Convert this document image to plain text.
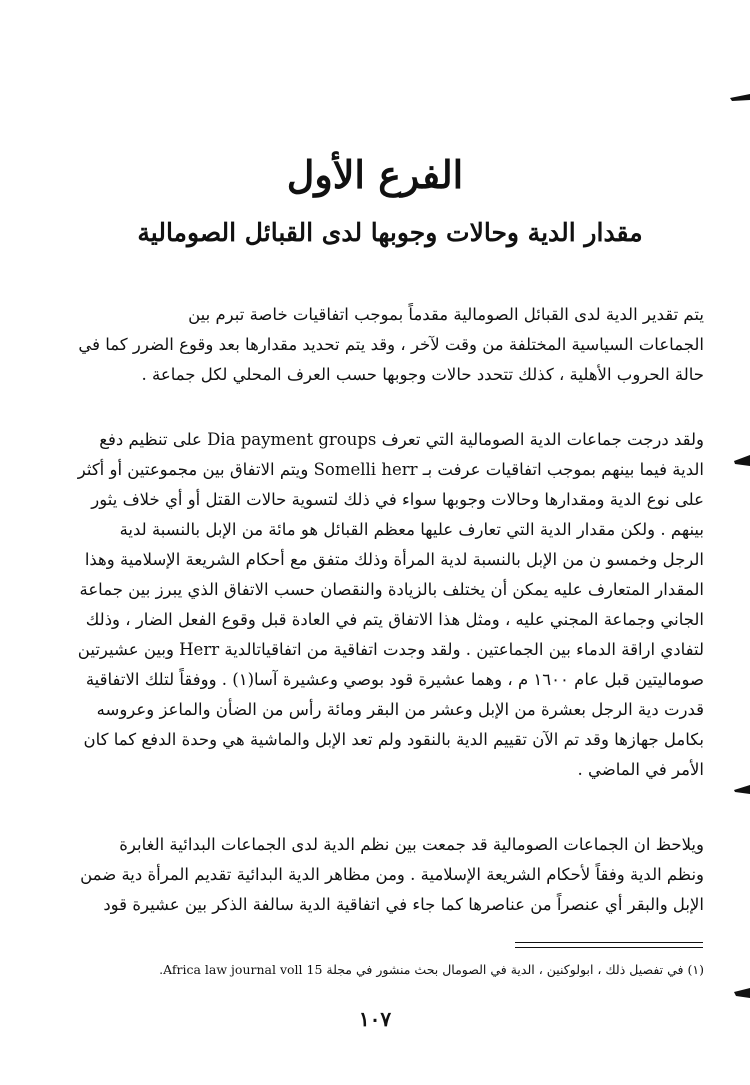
الفرع الأول
مقدار الدية وحالات وجوبها لدى القبائل الصومالية
يتم تقدير الدية لدى القبائل الصومالية مقدماً بموجب اتفاقيات خاصة تبرم بين
الجماعات السياسية المختلفة من وقت لآخر ، وقد يتم تحديد مقدارها بعد وقوع الضرر كما في
حالة الحروب الأهلية ، كذلك تتحدد حالات وجوبها حسب العرف المحلي لكل جماعة .
ولقد درجت جماعات الدية الصومالية التي تعرف Dia payment groups على تنظيم دفع
الدية فيما بينهم بموجب اتفاقيات عرفت بـ Somelli herr ويتم الاتفاق بين مجموعتين أو أكثر
على نوع الدية ومقدارها وحالات وجوبها سواء في ذلك لتسوية حالات القتل أو أي خلاف يثور
بينهم . ولكن مقدار الدية التي تعارف عليها معظم القبائل هو مائة من الإبل بالنسبة لدية
الرجل وخمسو ن من الإبل بالنسبة لدية المرأة وذلك متفق مع أحكام الشريعة الإسلامية وهذا
المقدار المتعارف عليه يمكن أن يختلف بالزيادة والنقصان حسب الاتفاق الذي يبرز بين جماعة
الجاني وجماعة المجني عليه ، ومثل هذا الاتفاق يتم في العادة قبل وقوع الفعل الضار ، وذلك
لتفادي اراقة الدماء بين الجماعتين . ولقد وجدت اتفاقية من اتفاقياتالدية Herr وبين عشيرتين
صوماليتين قبل عام ١٦٠٠ م ، وهما عشيرة قود بوصي وعشيرة آسا(١) . ووفقاً لتلك الاتفاقية
قدرت دية الرجل بعشرة من الإبل وعشر من البقر ومائة رأس من الضأن والماعز وعروسه
بكامل جهازها وقد تم الآن تقييم الدية بالنقود ولم تعد الإبل والماشية هي وحدة الدفع كما كان
الأمر في الماضي .
ويلاحظ ان الجماعات الصومالية قد جمعت بين نظم الدية لدى الجماعات البدائية الغابرة
ونظم الدية وفقاً لأحكام الشريعة الإسلامية . ومن مظاهر الدية البدائية تقديم المرأة دية ضمن
الإبل والبقر أي عنصراً من عناصرها كما جاء في اتفاقية الدية سالفة الذكر بين عشيرة قود
(١) في تفصيل ذلك ، ابولوكنين ، الدية في الصومال بحث منشور في مجلة Africa law journal voll 15.
١٠٧
